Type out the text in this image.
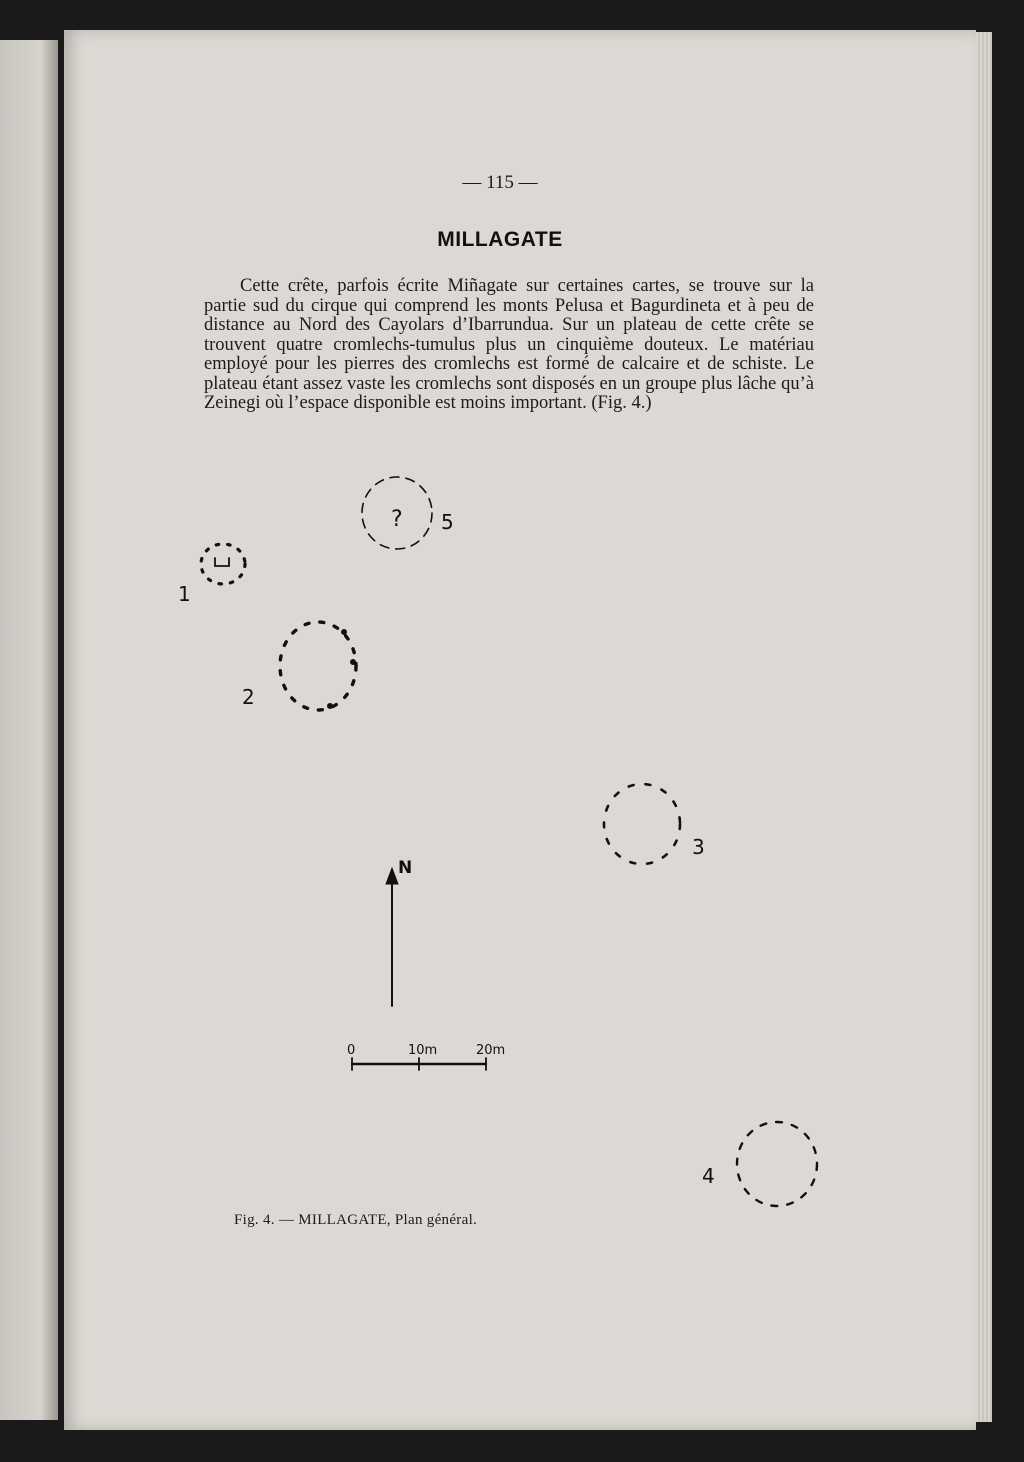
— 115 —
MILLAGATE
Cette crête, parfois écrite Miñagate sur certaines cartes, se trouve sur la partie sud du cirque qui comprend les monts Pelusa et Bagurdineta et à peu de distance au Nord des Cayolars d’Ibarrundua. Sur un plateau de cette crête se trouvent quatre cromlechs-tumulus plus un cinquième douteux. Le matériau employé pour les pierres des cromlechs est formé de calcaire et de schiste. Le plateau étant assez vaste les cromlechs sont disposés en un groupe plus lâche qu’à Zeinegi où l’espace disponible est moins important. (Fig. 4.)
? 5
1
2
3
4
N
0	10m	20m
Fig. 4. — MILLAGATE, Plan général.
